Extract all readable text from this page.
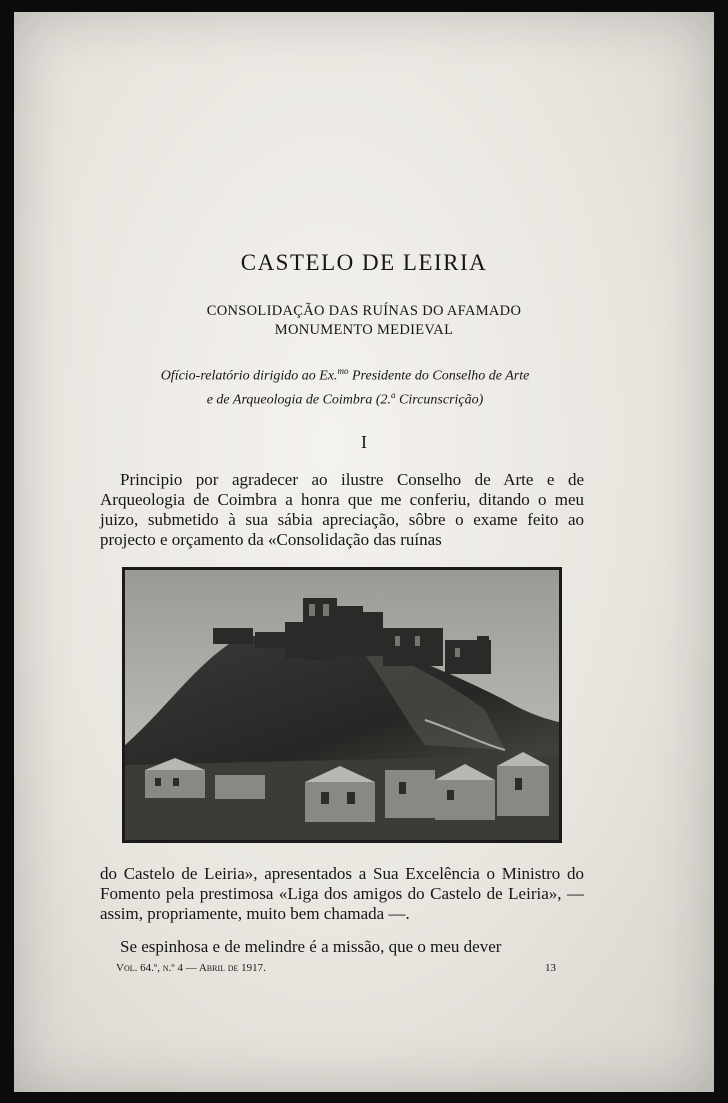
CASTELO DE LEIRIA
CONSOLIDAÇÃO DAS RUÍNAS DO AFAMADO
MONUMENTO MEDIEVAL
Ofício-relatório dirigido ao Ex.$^{mo}$ Presidente do Conselho de Arte
e de Arqueologia de Coimbra (2.$^a$ Circunscrição)
I
Principio por agradecer ao ilustre Conselho de Arte e de Arqueologia de Coimbra a honra que me conferiu, ditando o meu juizo, submetido à sua sábia apreciação, sôbre o exame feito ao projecto e orçamento da «Consolidação das ruínas
do Castelo de Leiria», apresentados a Sua Excelência o Ministro do Fomento pela prestimosa «Liga dos amigos do Castelo de Leiria», — assim, propriamente, muito bem chamada —.
Se espinhosa e de melindre é a missão, que o meu dever
Vol. 64.º, n.º 4 — Abril de 1917.	13
